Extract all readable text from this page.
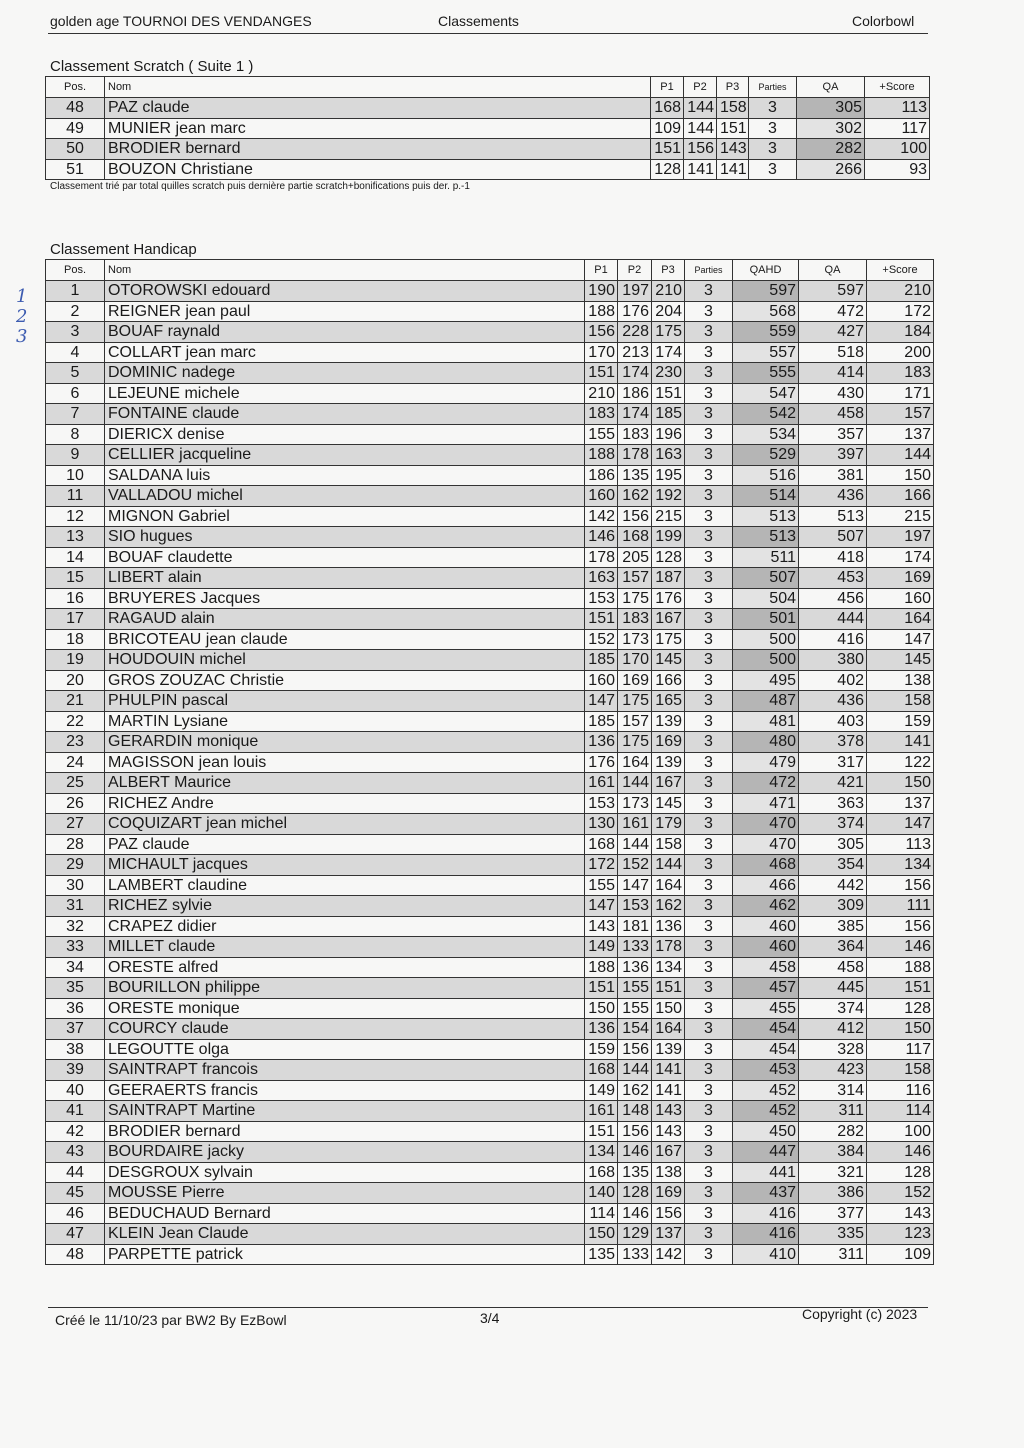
golden age TOURNOI DES VENDANGES	Classements	Colorbowl
Classement Scratch ( Suite 1 )
Pos.	Nom	P1	P2	P3	Parties	QA	+Score
48	PAZ claude	168	144	158	3	305	113
49	MUNIER jean marc	109	144	151	3	302	117
50	BRODIER bernard	151	156	143	3	282	100
51	BOUZON Christiane	128	141	141	3	266	93
Classement trié par total quilles scratch puis dernière partie scratch+bonifications puis der. p.-1
Classement Handicap
Pos.	Nom	P1	P2	P3	Parties	QAHD	QA	+Score
1	OTOROWSKI edouard	190	197	210	3	597	597	210
2	REIGNER jean paul	188	176	204	3	568	472	172
3	BOUAF raynald	156	228	175	3	559	427	184
4	COLLART jean marc	170	213	174	3	557	518	200
5	DOMINIC nadege	151	174	230	3	555	414	183
6	LEJEUNE michele	210	186	151	3	547	430	171
7	FONTAINE claude	183	174	185	3	542	458	157
8	DIERICX denise	155	183	196	3	534	357	137
9	CELLIER jacqueline	188	178	163	3	529	397	144
10	SALDANA luis	186	135	195	3	516	381	150
11	VALLADOU michel	160	162	192	3	514	436	166
12	MIGNON Gabriel	142	156	215	3	513	513	215
13	SIO hugues	146	168	199	3	513	507	197
14	BOUAF claudette	178	205	128	3	511	418	174
15	LIBERT alain	163	157	187	3	507	453	169
16	BRUYERES Jacques	153	175	176	3	504	456	160
17	RAGAUD alain	151	183	167	3	501	444	164
18	BRICOTEAU jean claude	152	173	175	3	500	416	147
19	HOUDOUIN michel	185	170	145	3	500	380	145
20	GROS ZOUZAC Christie	160	169	166	3	495	402	138
21	PHULPIN pascal	147	175	165	3	487	436	158
22	MARTIN Lysiane	185	157	139	3	481	403	159
23	GERARDIN monique	136	175	169	3	480	378	141
24	MAGISSON jean louis	176	164	139	3	479	317	122
25	ALBERT Maurice	161	144	167	3	472	421	150
26	RICHEZ Andre	153	173	145	3	471	363	137
27	COQUIZART jean michel	130	161	179	3	470	374	147
28	PAZ claude	168	144	158	3	470	305	113
29	MICHAULT jacques	172	152	144	3	468	354	134
30	LAMBERT claudine	155	147	164	3	466	442	156
31	RICHEZ sylvie	147	153	162	3	462	309	111
32	CRAPEZ didier	143	181	136	3	460	385	156
33	MILLET claude	149	133	178	3	460	364	146
34	ORESTE alfred	188	136	134	3	458	458	188
35	BOURILLON philippe	151	155	151	3	457	445	151
36	ORESTE monique	150	155	150	3	455	374	128
37	COURCY claude	136	154	164	3	454	412	150
38	LEGOUTTE olga	159	156	139	3	454	328	117
39	SAINTRAPT francois	168	144	141	3	453	423	158
40	GEERAERTS francis	149	162	141	3	452	314	116
41	SAINTRAPT Martine	161	148	143	3	452	311	114
42	BRODIER bernard	151	156	143	3	450	282	100
43	BOURDAIRE jacky	134	146	167	3	447	384	146
44	DESGROUX sylvain	168	135	138	3	441	321	128
45	MOUSSE Pierre	140	128	169	3	437	386	152
46	BEDUCHAUD Bernard	114	146	156	3	416	377	143
47	KLEIN Jean Claude	150	129	137	3	416	335	123
48	PARPETTE patrick	135	133	142	3	410	311	109
1
2
3
Créé le 11/10/23 par BW2 By EzBowl	3/4	Copyright (c) 2023
